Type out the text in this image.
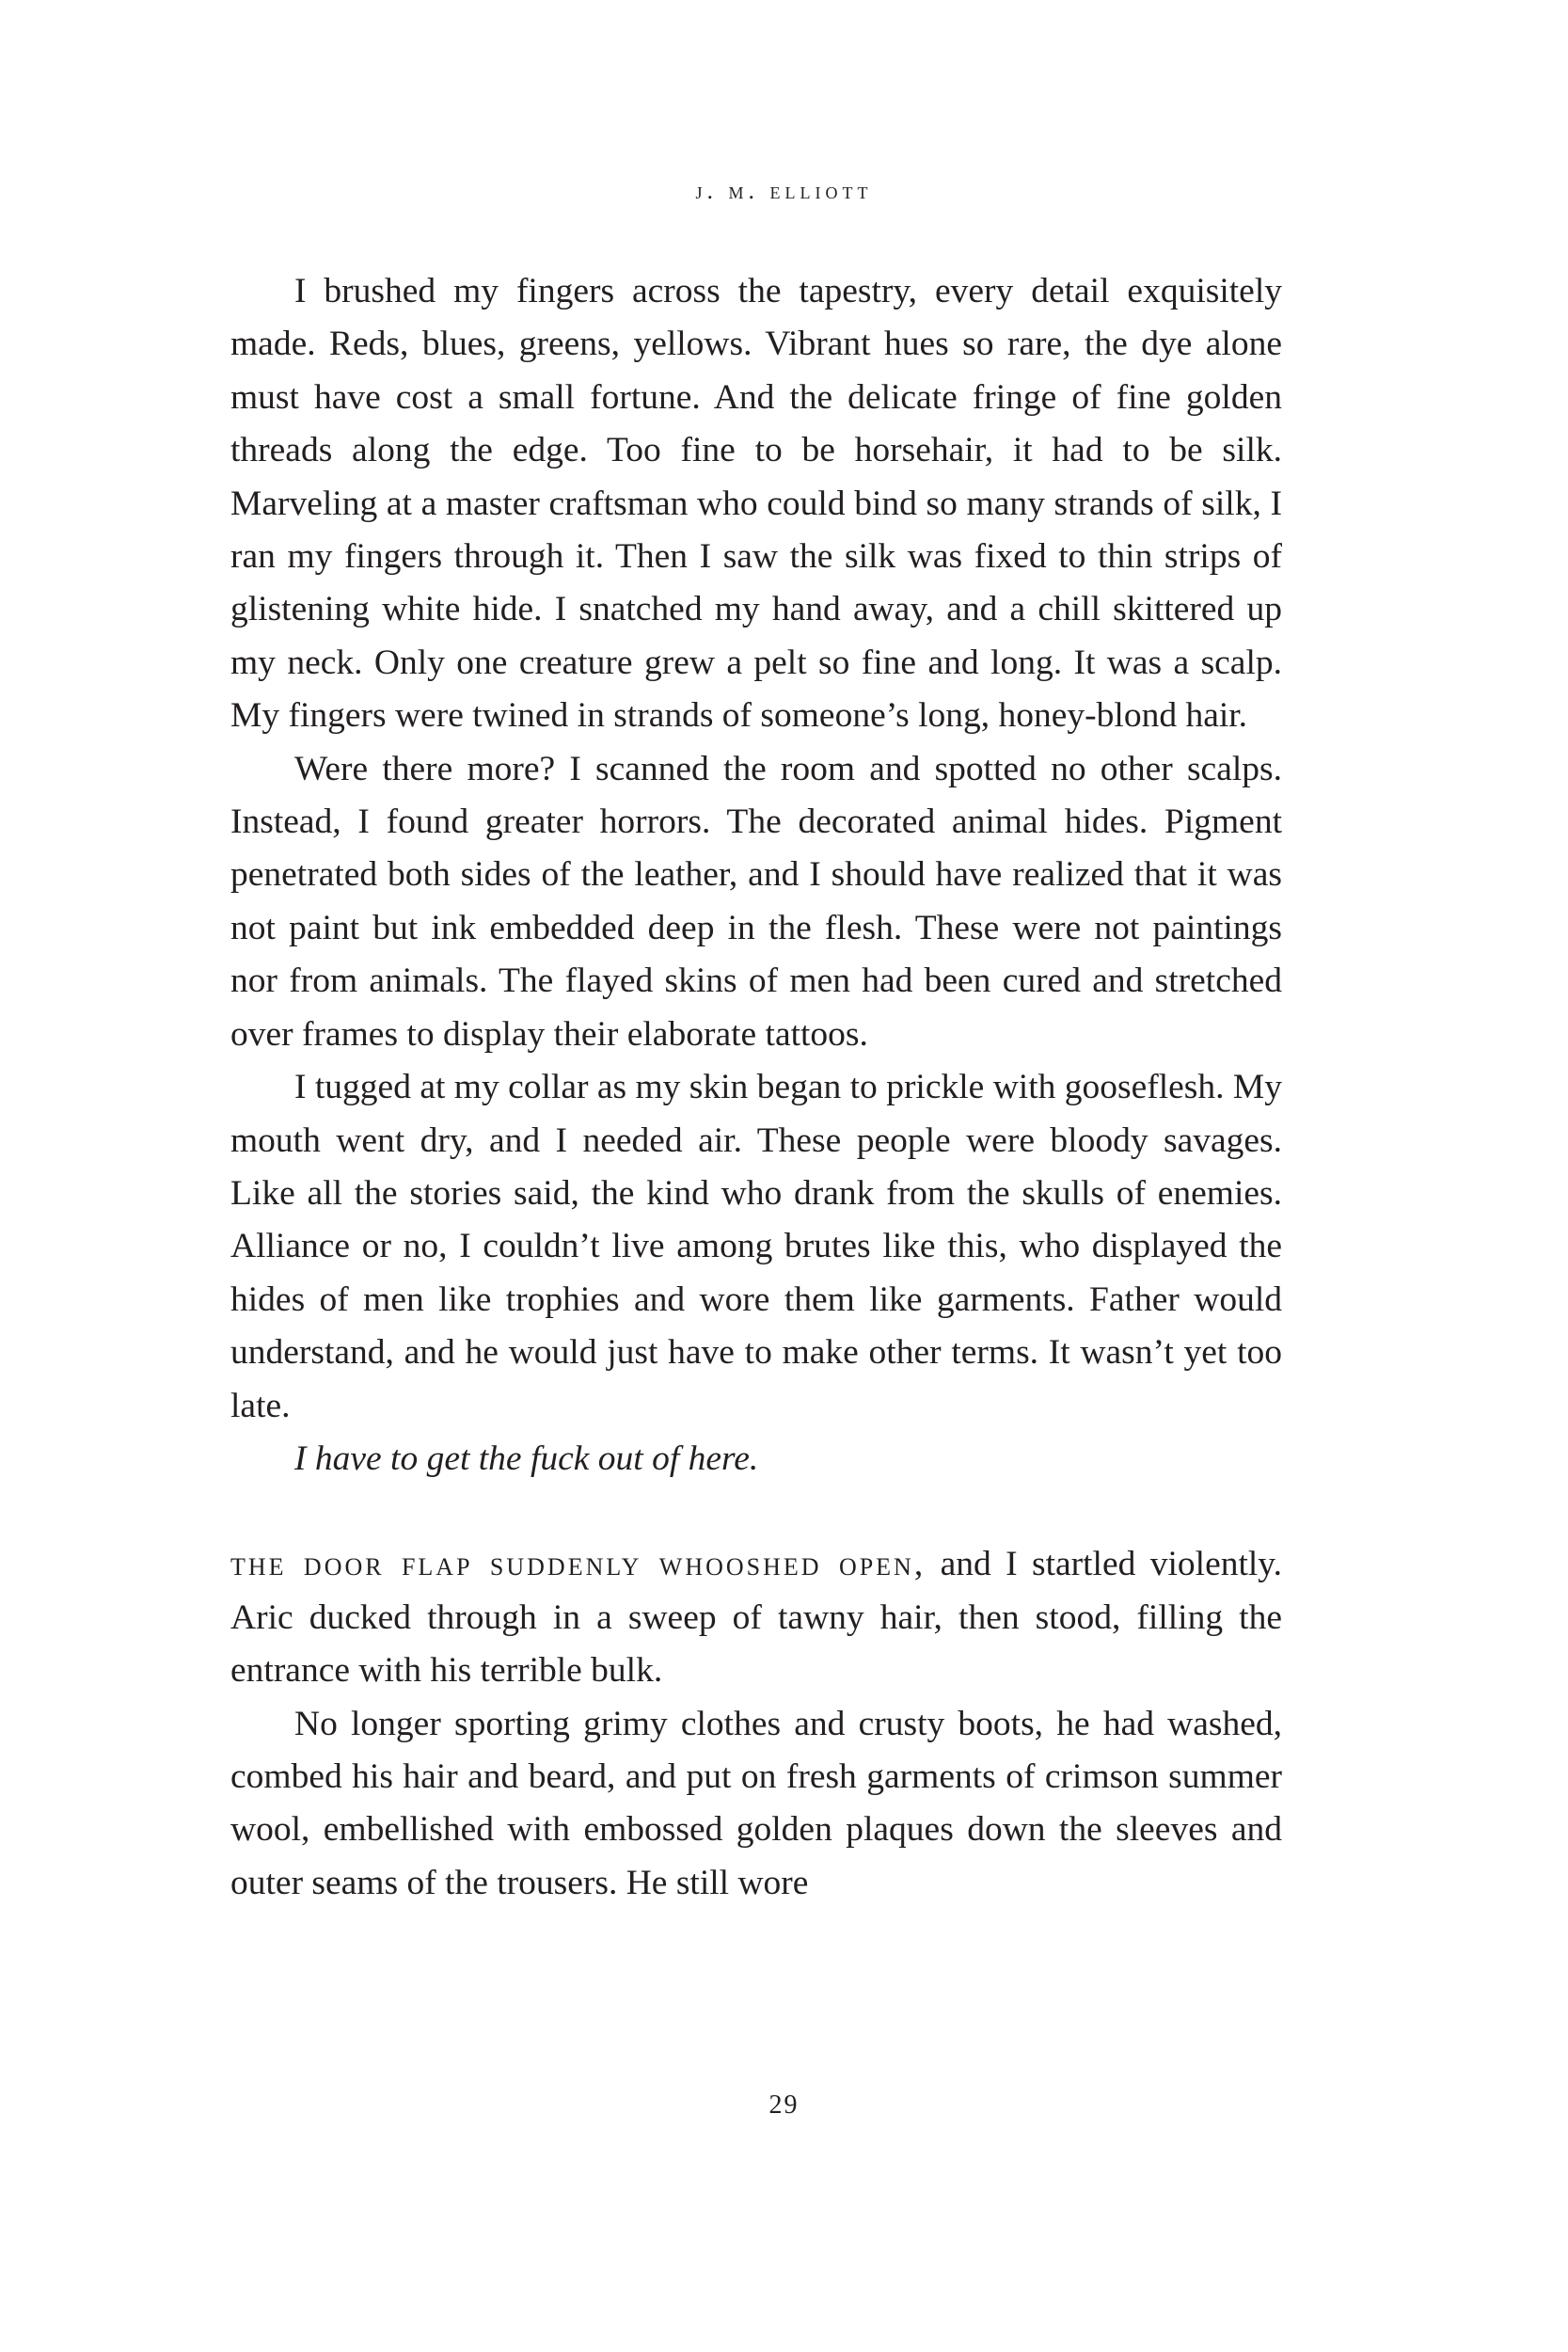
j. m. elliott

I brushed my fingers across the tapestry, every detail exquisitely made. Reds, blues, greens, yellows. Vibrant hues so rare, the dye alone must have cost a small fortune. And the delicate fringe of fine golden threads along the edge. Too fine to be horsehair, it had to be silk. Marveling at a master craftsman who could bind so many strands of silk, I ran my fingers through it. Then I saw the silk was fixed to thin strips of glistening white hide. I snatched my hand away, and a chill skittered up my neck. Only one creature grew a pelt so fine and long. It was a scalp. My fingers were twined in strands of someone’s long, honey-blond hair.

Were there more? I scanned the room and spotted no other scalps. Instead, I found greater horrors. The decorated animal hides. Pigment penetrated both sides of the leather, and I should have realized that it was not paint but ink embedded deep in the flesh. These were not paintings nor from animals. The flayed skins of men had been cured and stretched over frames to display their elaborate tattoos.

I tugged at my collar as my skin began to prickle with gooseflesh. My mouth went dry, and I needed air. These people were bloody savages. Like all the stories said, the kind who drank from the skulls of enemies. Alliance or no, I couldn’t live among brutes like this, who displayed the hides of men like trophies and wore them like garments. Father would understand, and he would just have to make other terms. It wasn’t yet too late.

I have to get the fuck out of here.

the door flap suddenly whooshed open, and I startled violently. Aric ducked through in a sweep of tawny hair, then stood, filling the entrance with his terrible bulk.

No longer sporting grimy clothes and crusty boots, he had washed, combed his hair and beard, and put on fresh garments of crimson summer wool, embellished with embossed golden plaques down the sleeves and outer seams of the trousers. He still wore

29
